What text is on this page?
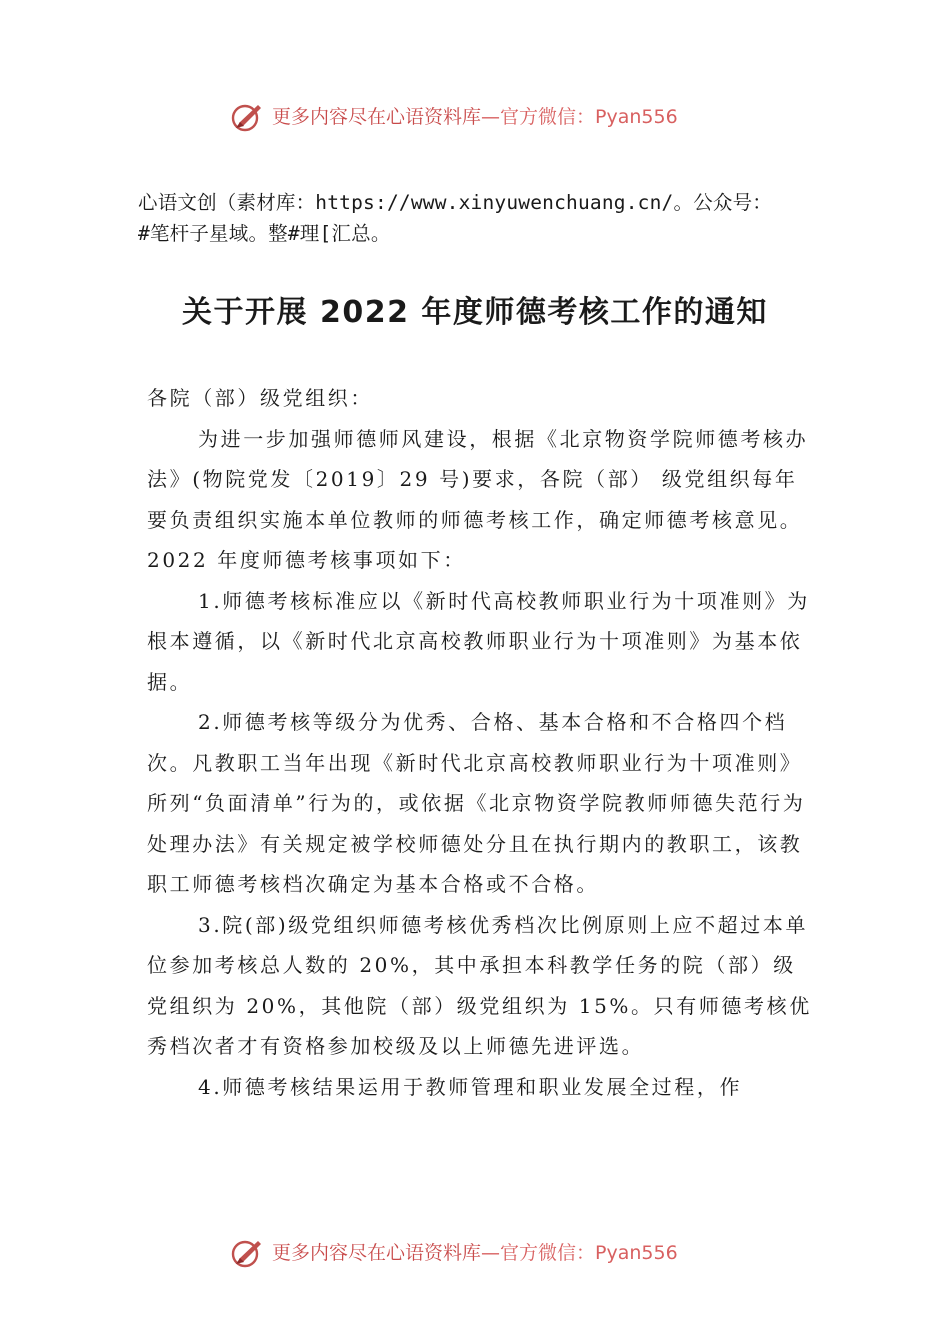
更多内容尽在心语资料库—官方微信：Pyan556

心语文创（素材库：https://www.xinyuwenchuang.cn/。公众号：

#笔杆子星域。整#理[汇总。

关于开展 2022 年度师德考核工作的通知

各院（部）级党组织：

为进一步加强师德师风建设，根据《北京物资学院师德考核办法》(物院党发〔2019〕29 号)要求，各院（部） 级党组织每年要负责组织实施本单位教师的师德考核工作，确定师德考核意见。2022 年度师德考核事项如下：

1.师德考核标准应以《新时代高校教师职业行为十项准则》为根本遵循，以《新时代北京高校教师职业行为十项准则》为基本依据。

2.师德考核等级分为优秀、合格、基本合格和不合格四个档次。凡教职工当年出现《新时代北京高校教师职业行为十项准则》所列“负面清单”行为的，或依据《北京物资学院教师师德失范行为处理办法》有关规定被学校师德处分且在执行期内的教职工，该教职工师德考核档次确定为基本合格或不合格。

3.院(部)级党组织师德考核优秀档次比例原则上应不超过本单位参加考核总人数的 20%，其中承担本科教学任务的院（部）级党组织为 20%，其他院（部）级党组织为 15%。只有师德考核优秀档次者才有资格参加校级及以上师德先进评选。

4.师德考核结果运用于教师管理和职业发展全过程，作

更多内容尽在心语资料库—官方微信：Pyan556
